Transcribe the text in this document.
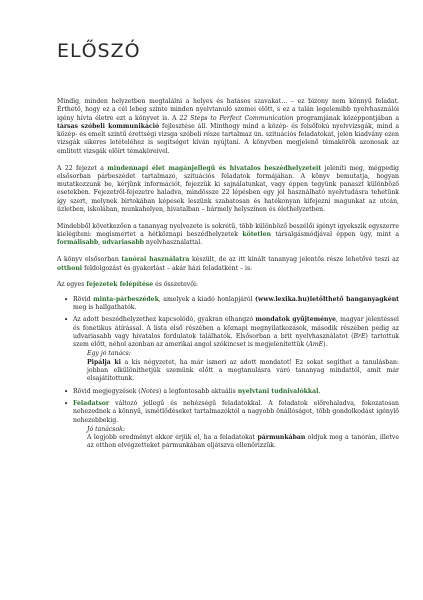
ELŐSZÓ

Mindig, minden helyzetben megtalálni a helyes és hatásos szavakat… – ez bizony nem könnyű feladat. Érthető, hogy ez a cél lebeg szinte minden nyelvtanuló szemei előtt, s ez a talán legelemibb nyelvhasználói igény hívta életre ezt a könyvet is. A 22 Steps to Perfect Communication programjának középpontjában a társas szóbeli kommunikáció fejlesztése áll. Minthogy mind a közép- és felsőfokú nyelvvizsgák, mind a közép- és emelt szintű érettségi vizsga szóbeli része tartalmaz ún. szituációs feladatokat, jelen kiadvány ezen vizsgák sikeres letételéhez is segítséget kíván nyújtani. A könyvben megjelenő témakörök azonosak az említett vizsgák előírt témaköreivel.

A 22 fejezet a mindennapi élet magánjellegű és hivatalos beszédhelyzeteit jeleníti meg, mégpedig elsősorban párbeszédet tartalmazó, szituációs feladatok formájában. A könyv bemutatja, hogyan mutatkozzunk be, kérjünk információt, fejezzük ki sajnálatunkat, vagy éppen tegyünk panaszt különböző esetekben. Fejezetről-fejezetre haladva, mindössze 22 lépésben egy jól használható nyelvtudásra tehetünk így szert, melynek birtokában képesek leszünk szabatosan és hatékonyan kifejezni magunkat az utcán, üzletben, iskolában, munkahelyen, hivatalban – bármely helyszínen és élethelyzetben.

Mindebből következően a tananyag nyelvezete is sokrétű, több különböző beszélői igényt igyekszik egyszerre kielégíteni: megismertet a hétköznapi beszédhelyzetek kötetlen társalgásmódjával éppen úgy, mint a formálisabb, udvariasabb nyelvhasználattal.

A könyv elsősorban tanórai használatra készült, de az itt kínált tananyag jelentős része lehetővé teszi az otthoni feldolgozást és gyakorlást – akár házi feladatként – is.

Az egyes fejezetek felépítése és összetevői:

• Rövid minta-párbeszédek, amelyek a kiadó honlapjáról (www.lexika.hu)letölthető hanganyagként meg is hallgathatók.
• Az adott beszédhelyzethez kapcsolódó, gyakran elhangzó mondatok gyűjteménye, magyar jelentéssel és fonetikus átírással. A lista első részében a köznapi megnyilatkozások, második részében pedig az udvariasabb vagy hivatalos fordulatok találhatók. Elsősorban a brit nyelvhasználatot (BrE) tartottuk szem előtt, néhol azonban az amerikai angol szókincset is megjelenítettük (AmE).
Egy jó tanács:
Pipálja ki a kis négyzetet, ha már ismeri az adott mondatot! Ez sokat segíthet a tanulásban: jobban elkülöníthetjük szemünk előtt a megtanulásra váró tananyag mindattól, amit már elsajátítottunk.
• Rövid megjegyzések (Notes) a legfontosabb aktuális nyelvtani tudnivalókkal.
• Feladatsor változó jellegű és nehézségű feladatokkal. A feladatok előrehaladva, fokozatosan nehezednek a könnyű, ismétlődéseket tartalmazóktól a nagyobb önállóságot, több gondolkodást igénylő nehezebbekig.
Jó tanácsok:
A legjobb eredményt akkor érjük el, ha a feladatokat pármunkában oldjuk meg a tanórán, illetve az otthon elvégzetteket pármunkában eljátszva ellenőrizzük.
